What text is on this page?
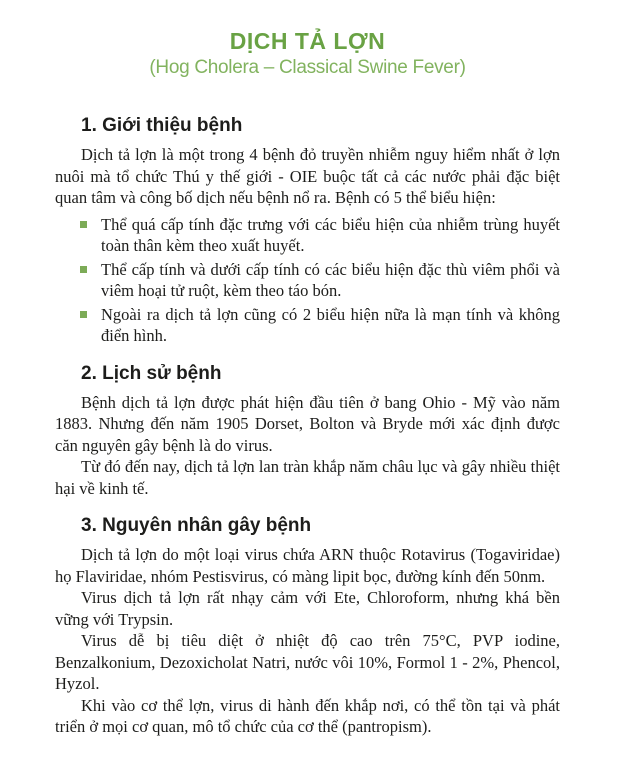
DỊCH TẢ LỢN
(Hog Cholera – Classical Swine Fever)
1. Giới thiệu bệnh

Dịch tả lợn là một trong 4 bệnh đỏ truyền nhiễm nguy hiểm nhất ở lợn nuôi mà tổ chức Thú y thế giới - OIE buộc tất cả các nước phải đặc biệt quan tâm và công bố dịch nếu bệnh nổ ra. Bệnh có 5 thể biểu hiện:

Thể quá cấp tính đặc trưng với các biểu hiện của nhiễm trùng huyết toàn thân kèm theo xuất huyết.
Thể cấp tính và dưới cấp tính có các biểu hiện đặc thù viêm phổi và viêm hoại tử ruột, kèm theo táo bón.
Ngoài ra dịch tả lợn cũng có 2 biểu hiện nữa là mạn tính và không điển hình.
2. Lịch sử bệnh

Bệnh dịch tả lợn được phát hiện đầu tiên ở bang Ohio - Mỹ vào năm 1883. Nhưng đến năm 1905 Dorset, Bolton và Bryde mới xác định được căn nguyên gây bệnh là do virus.

Từ đó đến nay, dịch tả lợn lan tràn khắp năm châu lục và gây nhiều thiệt hại về kinh tế.

3. Nguyên nhân gây bệnh

Dịch tả lợn do một loại virus chứa ARN thuộc Rotavirus (Togaviridae) họ Flaviridae, nhóm Pestisvirus, có màng lipit bọc, đường kính đến 50nm.

Virus dịch tả lợn rất nhạy cảm với Ete, Chloroform, nhưng khá bền vững với Trypsin.

Virus dễ bị tiêu diệt ở nhiệt độ cao trên 75°C, PVP iodine, Benzalkonium, Dezoxicholat Natri, nước vôi 10%, Formol 1 - 2%, Phencol, Hyzol.

Khi vào cơ thể lợn, virus di hành đến khắp nơi, có thể tồn tại và phát triển ở mọi cơ quan, mô tổ chức của cơ thể (pantropism).
